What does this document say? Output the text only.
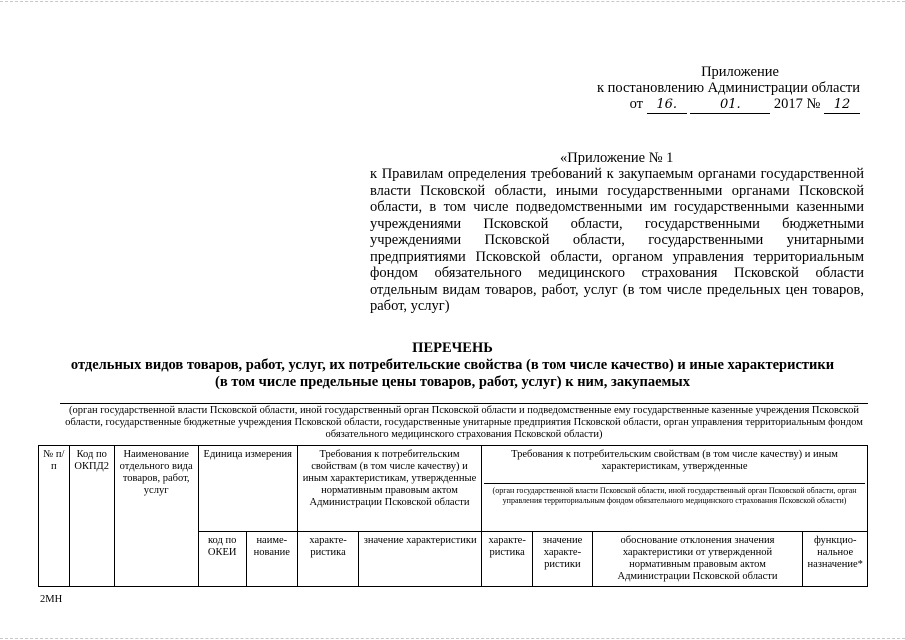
Приложение
к постановлению Администрации области
от 16.	01. 2017 № 12
«Приложение № 1
к Правилам определения требований к закупаемым органами государственной власти Псковской области, иными государственными органами Псковской области, в том числе подведомственными им государственными казенными учреждениями Псковской области, государственными бюджетными учреждениями Псковской области, государственными унитарными предприятиями Псковской области, органом управления территориальным фондом обязательного медицинского страхования Псковской области отдельным видам товаров, работ, услуг (в том числе предельных цен товаров, работ, услуг)
ПЕРЕЧЕНЬ
отдельных видов товаров, работ, услуг, их потребительские свойства (в том числе качество) и иные характеристики
(в том числе предельные цены товаров, работ, услуг) к ним, закупаемых
(орган государственной власти Псковской области, иной государственный орган Псковской области и подведомственные ему государственные казенные учреждения Псковской области, государственные бюджетные учреждения Псковской области, государственные унитарные предприятия Псковской области, орган управления территориальным фондом обязательного медицинского страхования Псковской области)
№ п/п	Код по ОКПД2	Наименование отдельного вида товаров, работ, услуг	Единица измерения		Требования к потребительским свойствам (в том числе качеству) и иным характеристикам, утвержденные нормативным правовым актом Администрации Псковской области		Требования к потребительским свойствам (в том числе качеству) и иным характеристикам, утвержденные
(орган государственной власти Псковской области, иной государственный орган Псковской области, орган управления территориальным фондом обязательного медицинского страхования Псковской области)			

			код по ОКЕИ	наиме-нование	характе-ристика	значение характеристики	характе-ристика	значение характе-ристики	обоснование отклонения значения характеристики от утвержденной нормативным правовым актом Администрации Псковской области	функцио-нальное назначение*
2МН
